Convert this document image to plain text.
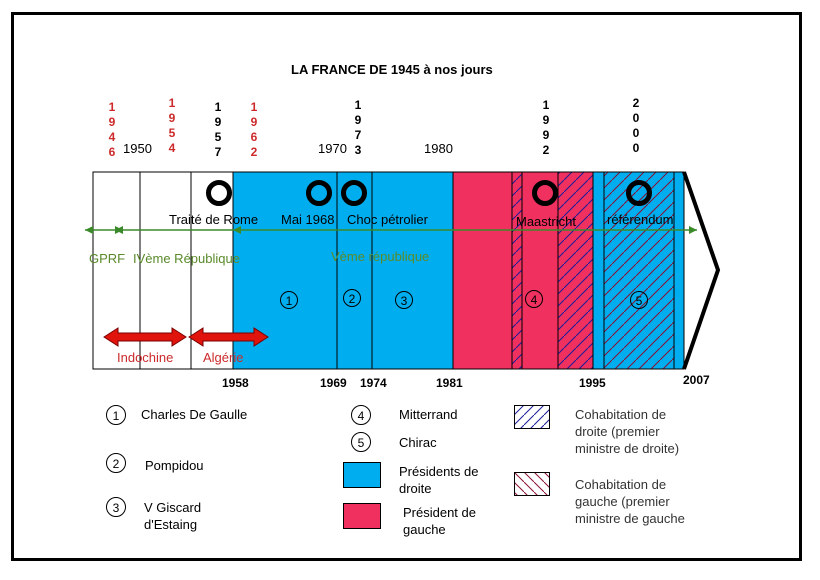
LA FRANCE DE 1945 à nos jours
1
9
4
6 1950
1
9
5
4
1
9
5
7
1
9
6
2	1970
1
9
7
3	1980
1
9
9
2
2
0
0
0
Traité de Rome Mai 1968 Choc pétrolier	Maastricht référendum
GPRF IVème République	Vème république
1	2	3	4	5
Indochine Algérie
1958	1969 1974	1981	1995	2007
1	Charles De Gaulle
2	Pompidou
3	V Giscard
d'Estaing
4	Mitterrand
5	Chirac
Présidents de
droite
Président de
gauche
Cohabitation de
droite (premier
ministre de droite)
Cohabitation de
gauche (premier
ministre de gauche
